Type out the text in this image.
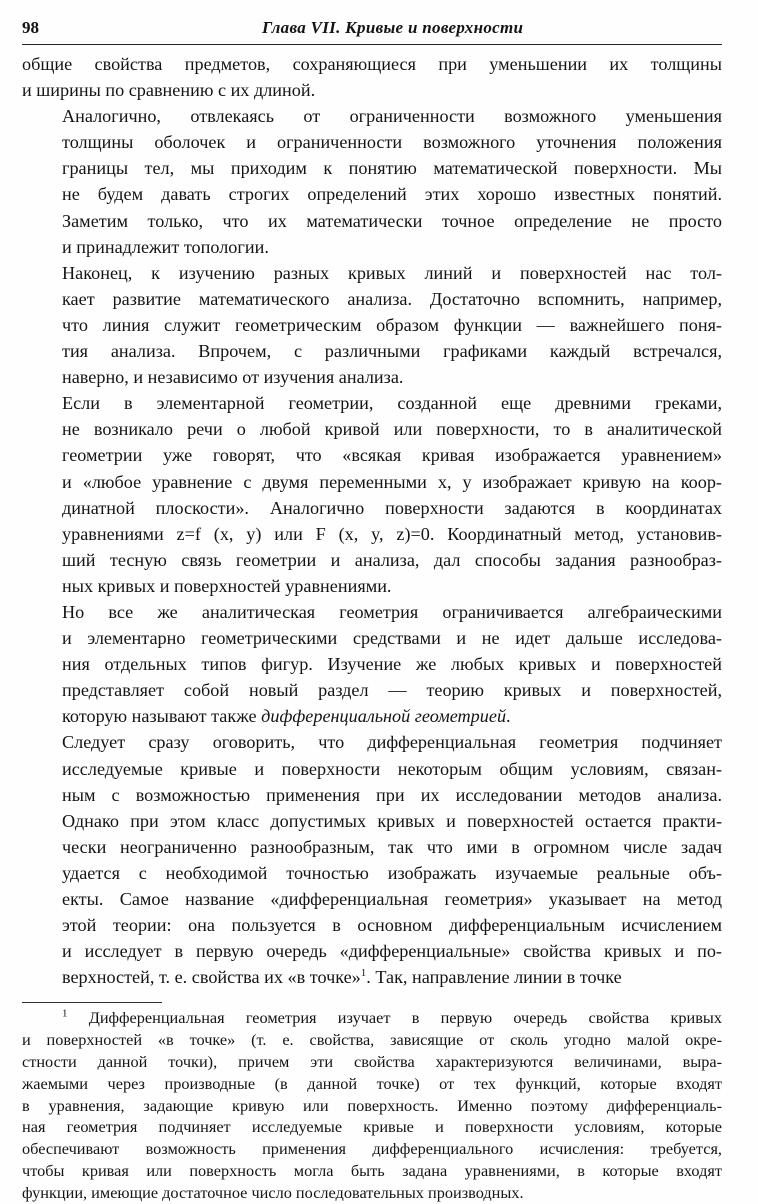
98	Глава VII. Кривые и поверхности

общие свойства предметов, сохраняющиеся при уменьшении их толщины
и ширины по сравнению с их длиной.

Аналогично, отвлекаясь от ограниченности возможного уменьшения
толщины оболочек и ограниченности возможного уточнения положения
границы тел, мы приходим к понятию математической поверхности. Мы
не будем давать строгих определений этих хорошо известных понятий.
Заметим только, что их математически точное определение не просто
и принадлежит топологии.

Наконец, к изучению разных кривых линий и поверхностей нас тол-
кает развитие математического анализа. Достаточно вспомнить, например,
что линия служит геометрическим образом функции — важнейшего поня-
тия анализа. Впрочем, с различными графиками каждый встречался,
наверно, и независимо от изучения анализа.

Если в элементарной геометрии, созданной еще древними греками,
не возникало речи о любой кривой или поверхности, то в аналитической
геометрии уже говорят, что «всякая кривая изображается уравнением»
и «любое уравнение с двумя переменными x, y изображает кривую на коор-
динатной плоскости». Аналогично поверхности задаются в координатах
уравнениями z=f (x, y) или F (x, y, z)=0. Координатный метод, установив-
ший тесную связь геометрии и анализа, дал способы задания разнообраз-
ных кривых и поверхностей уравнениями.

Но все же аналитическая геометрия ограничивается алгебраическими
и элементарно геометрическими средствами и не идет дальше исследова-
ния отдельных типов фигур. Изучение же любых кривых и поверхностей
представляет собой новый раздел — теорию кривых и поверхностей,
которую называют также дифференциальной геометрией.

Следует сразу оговорить, что дифференциальная геометрия подчиняет
исследуемые кривые и поверхности некоторым общим условиям, связан-
ным с возможностью применения при их исследовании методов анализа.
Однако при этом класс допустимых кривых и поверхностей остается практи-
чески неограниченно разнообразным, так что ими в огромном числе задач
удается с необходимой точностью изображать изучаемые реальные объ-
екты. Самое название «дифференциальная геометрия» указывает на метод
этой теории: она пользуется в основном дифференциальным исчислением
и исследует в первую очередь «дифференциальные» свойства кривых и по-
верхностей, т. е. свойства их «в точке»$^1$. Так, направление линии в точке

$^1$ Дифференциальная геометрия изучает в первую очередь свойства кривых
и поверхностей «в точке» (т. е. свойства, зависящие от сколь угодно малой окре-
стности данной точки), причем эти свойства характеризуются величинами, выра-
жаемыми через производные (в данной точке) от тех функций, которые входят
в уравнения, задающие кривую или поверхность. Именно поэтому дифференциаль-
ная геометрия подчиняет исследуемые кривые и поверхности условиям, которые
обеспечивают возможность применения дифференциального исчисления: требуется,
чтобы кривая или поверхность могла быть задана уравнениями, в которые входят
функции, имеющие достаточное число последовательных производных.
